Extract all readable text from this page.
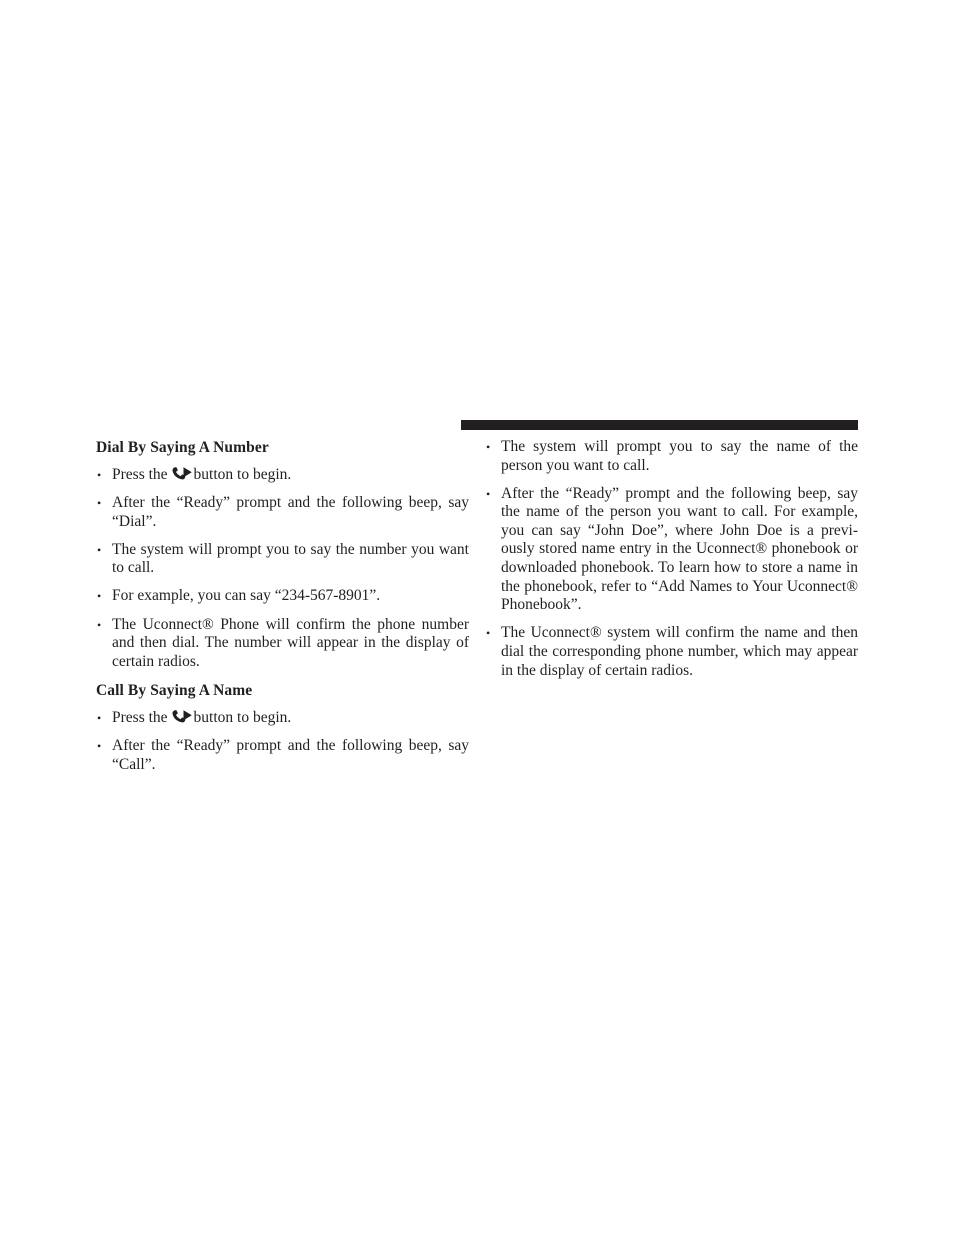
Dial By Saying A Number
• Press the button to begin.
• After the “Ready” prompt and the following beep, say “Dial”.
• The system will prompt you to say the number you want to call.
• For example, you can say “234-567-8901”.
• The Uconnect® Phone will confirm the phone number and then dial. The number will appear in the display of certain radios.
Call By Saying A Name
• Press the button to begin.
• After the “Ready” prompt and the following beep, say “Call”.
• The system will prompt you to say the name of the person you want to call.
• After the “Ready” prompt and the following beep, say the name of the person you want to call. For example, you can say “John Doe”, where John Doe is a previ-ously stored name entry in the Uconnect® phonebook or downloaded phonebook. To learn how to store a name in the phonebook, refer to “Add Names to Your Uconnect® Phonebook”.
• The Uconnect® system will confirm the name and then dial the corresponding phone number, which may appear in the display of certain radios.
